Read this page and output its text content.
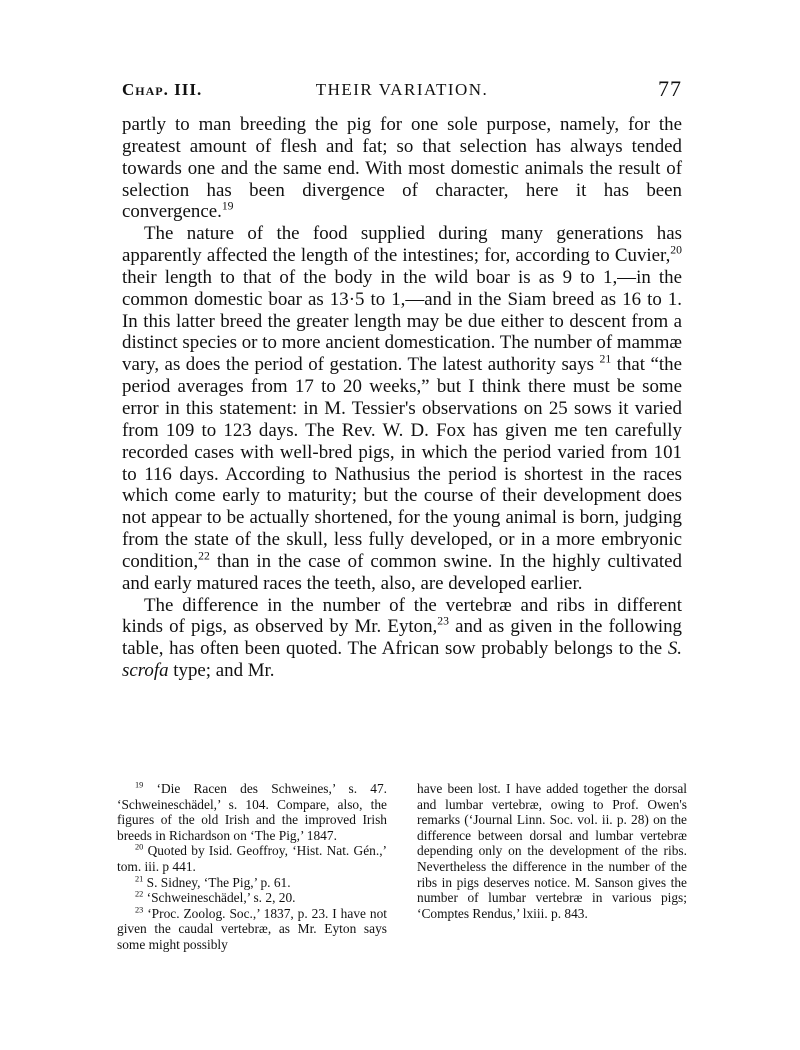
Chap. III.	THEIR VARIATION.	77

partly to man breeding the pig for one sole purpose, namely, for the greatest amount of flesh and fat; so that selection has always tended towards one and the same end. With most domestic animals the result of selection has been divergence of character, here it has been convergence.$^{19}$

The nature of the food supplied during many generations has apparently affected the length of the intestines; for, according to Cuvier,$^{20}$ their length to that of the body in the wild boar is as 9 to 1,—in the common domestic boar as 13·5 to 1,—and in the Siam breed as 16 to 1. In this latter breed the greater length may be due either to descent from a distinct species or to more ancient domestication. The number of mammæ vary, as does the period of gestation. The latest authority says $^{21}$ that “the period averages from 17 to 20 weeks,” but I think there must be some error in this statement: in M. Tessier's observations on 25 sows it varied from 109 to 123 days. The Rev. W. D. Fox has given me ten carefully recorded cases with well-bred pigs, in which the period varied from 101 to 116 days. According to Nathusius the period is shortest in the races which come early to maturity; but the course of their development does not appear to be actually shortened, for the young animal is born, judging from the state of the skull, less fully developed, or in a more embryonic condition,$^{22}$ than in the case of common swine. In the highly cultivated and early matured races the teeth, also, are developed earlier.

The difference in the number of the vertebræ and ribs in different kinds of pigs, as observed by Mr. Eyton,$^{23}$ and as given in the following table, has often been quoted. The African sow probably belongs to the S. scrofa type; and Mr.

$^{19}$ ‘Die Racen des Schweines,’ s. 47. ‘Schweineschädel,’ s. 104. Compare, also, the figures of the old Irish and the improved Irish breeds in Richardson on ‘The Pig,’ 1847.

$^{20}$ Quoted by Isid. Geoffroy, ‘Hist. Nat. Gén.,’ tom. iii. p 441.

$^{21}$ S. Sidney, ‘The Pig,’ p. 61.

$^{22}$ ‘Schweineschädel,’ s. 2, 20.

$^{23}$ ‘Proc. Zoolog. Soc.,’ 1837, p. 23. I have not given the caudal vertebræ, as Mr. Eyton says some might possibly

have been lost. I have added together the dorsal and lumbar vertebræ, owing to Prof. Owen's remarks (‘Journal Linn. Soc. vol. ii. p. 28) on the difference between dorsal and lumbar vertebræ depending only on the development of the ribs. Nevertheless the difference in the number of the ribs in pigs deserves notice. M. Sanson gives the number of lumbar vertebræ in various pigs; ‘Comptes Rendus,’ lxiii. p. 843.
